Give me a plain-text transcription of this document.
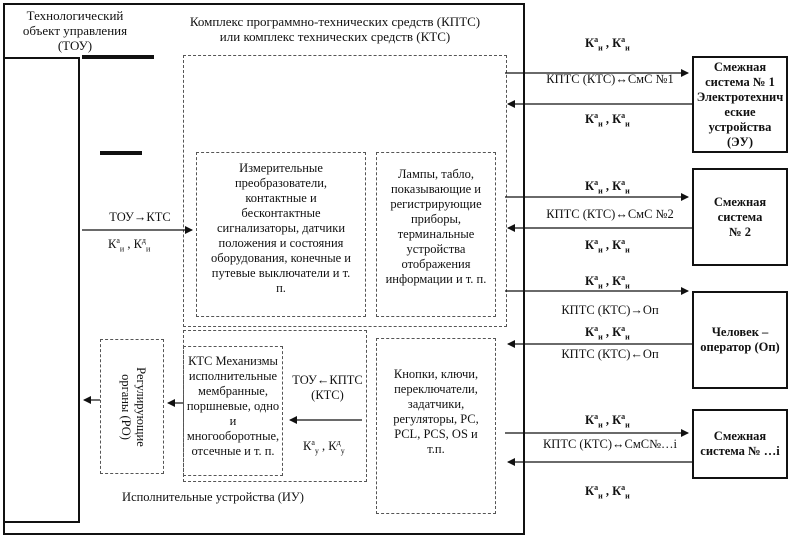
Технологический
объект управления
(ТОУ)
Комплекс программно-технических средств (КПТС)
или комплекс технических средств (КТС)
Измерительные
преобразователи,
контактные и
бесконтактные
сигнализаторы, датчики
положения и состояния
оборудования, конечные и
путевые выключатели и т.
п.
Лампы, табло,
показывающие и
регистрирующие
приборы,
терминальные
устройства
отображения
информации и т. п.
КТС Механизмы
исполнительные
мембранные,
поршневые, одно
и
многооборотные,
отсечные и т. п.
Кнопки, ключи,
переключатели,
задатчики,
регуляторы, PC,
PCL, PCS, OS и
т.п.
Регулирующие
органы (РО)
ТОУ→КТС
$К^а_и$ , $К^д_и$
ТОУ←КПТС
(КТС)
$К^а_у$ , $К^д_у$
Исполнительные устройства (ИУ)
КПТС (КТС)↔СмС №1
КПТС (КТС)↔СмС №2
КПТС (КТС)→Оп
КПТС (КТС)←Оп
КПТС (КТС)↔СмС№…i
$К^а_и$ , $К^а_и$
$К^а_и$ , $К^а_и$
$К^а_и$ , $К^а_и$
$К^а_и$ , $К^а_и$
$К^а_и$ , $К^а_и$
$К^а_и$ , $К^а_и$
$К^а_и$ , $К^а_и$
$К^а_и$ , $К^а_и$
Смежная
система № 1
Электротехнич
еские
устройства
(ЭУ)
Смежная
система
№ 2
Человек –
оператор (Оп)
Смежная
система № …i
